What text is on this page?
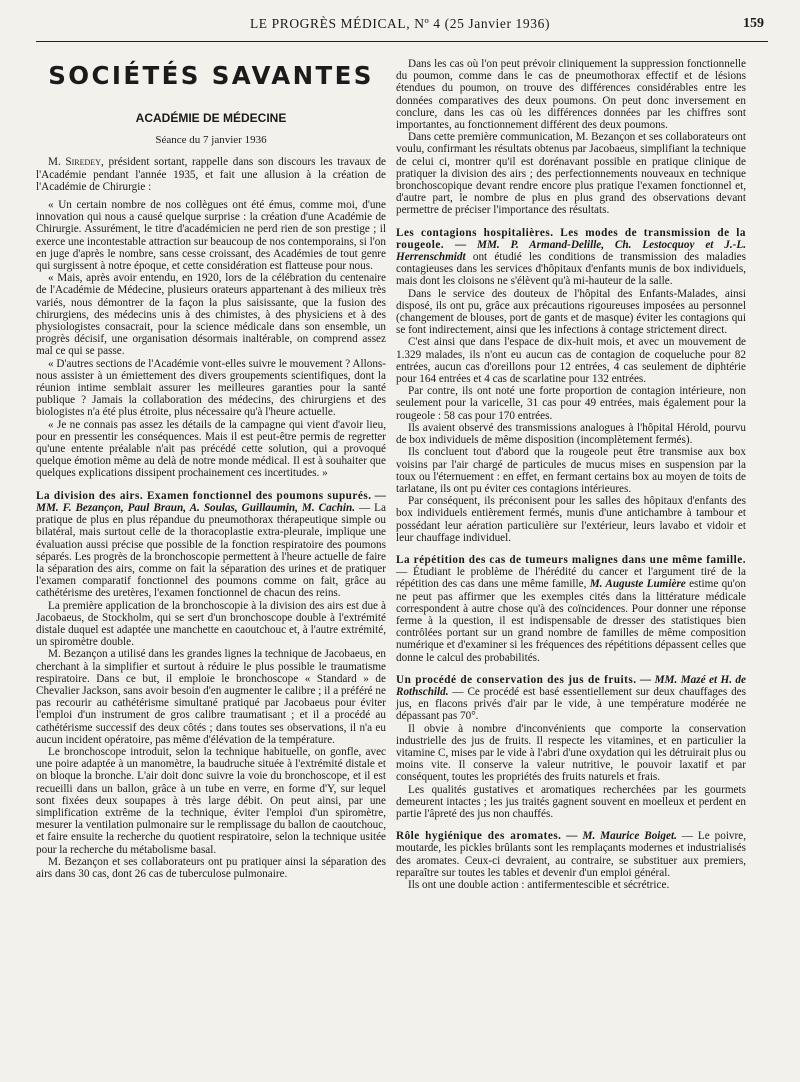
LE PROGRÈS MÉDICAL, Nº 4 (25 Janvier 1936)	159
SOCIÉTÉS SAVANTES
ACADÉMIE DE MÉDECINE
Séance du 7 janvier 1936

M. Siredey, président sortant, rappelle dans son discours les travaux de l'Académie pendant l'année 1935, et fait une allusion à la création de l'Académie de Chirurgie :

« Un certain nombre de nos collègues ont été émus, comme moi, d'une innovation qui nous a causé quelque surprise : la création d'une Académie de Chirurgie. Assurément, le titre d'académicien ne perd rien de son prestige ; il exerce une incontestable attraction sur beaucoup de nos contemporains, si l'on en juge d'après le nombre, sans cesse croissant, des Académies de tout genre qui surgissent à notre époque, et cette considération est flatteuse pour nous.

« Mais, après avoir entendu, en 1920, lors de la célébration du centenaire de l'Académie de Médecine, plusieurs orateurs appartenant à des milieux très variés, nous démontrer de la façon la plus saisissante, que la fusion des chirurgiens, des médecins unis à des chimistes, à des physiciens et à des physiologistes consacrait, pour la science médicale dans son ensemble, un progrès décisif, une organisation désormais inaltérable, on comprend assez mal ce qui se passe.

« D'autres sections de l'Académie vont-elles suivre le mouvement ? Allons-nous assister à un émiettement des divers groupements scientifiques, dont la réunion intime semblait assurer les meilleures garanties pour la santé publique ? Jamais la collaboration des médecins, des chirurgiens et des biologistes n'a été plus étroite, plus nécessaire qu'à l'heure actuelle.

« Je ne connais pas assez les détails de la campagne qui vient d'avoir lieu, pour en pressentir les conséquences. Mais il est peut-être permis de regretter qu'une entente préalable n'ait pas précédé cette solution, qui a provoqué quelque émotion même au delà de notre monde médical. Il est à souhaiter que quelques explications dissipent prochainement ces incertitudes. »

La division des airs. Examen fonctionnel des poumons supurés. — MM. F. Bezançon, Paul Braun, A. Soulas, Guillaumin, M. Cachin. — La pratique de plus en plus répandue du pneumothorax thérapeutique simple ou bilatéral, mais surtout celle de la thoracoplastie extra-pleurale, implique une évaluation aussi précise que possible de la fonction respiratoire des poumons séparés. Les progrès de la bronchoscopie permettent à l'heure actuelle de faire la séparation des airs, comme on fait la séparation des urines et de pratiquer l'examen comparatif fonctionnel des poumons comme on fait, grâce au cathétérisme des uretères, l'examen fonctionnel de chacun des reins.

La première application de la bronchoscopie à la division des airs est due à Jacobaeus, de Stockholm, qui se sert d'un bronchoscope double à l'extrémité distale duquel est adaptée une manchette en caoutchouc et, à l'autre extrémité, un spiromètre double.

M. Bezançon a utilisé dans les grandes lignes la technique de Jacobaeus, en cherchant à la simplifier et surtout à réduire le plus possible le traumatisme respiratoire. Dans ce but, il emploie le bronchoscope « Standard » de Chevalier Jackson, sans avoir besoin d'en augmenter le calibre ; il a préféré ne pas recourir au cathétérisme simultané pratiqué par Jacobaeus pour éviter l'emploi d'un instrument de gros calibre traumatisant ; et il a procédé au cathétérisme successif des deux côtés ; dans toutes ses observations, il n'a eu aucun incident opératoire, pas même d'élévation de la température.

Le bronchoscope introduit, selon la technique habituelle, on gonfle, avec une poire adaptée à un manomètre, la baudruche située à l'extrémité distale et on bloque la bronche. L'air doit donc suivre la voie du bronchoscope, et il est recueilli dans un ballon, grâce à un tube en verre, en forme d'Y, sur lequel sont fixées deux soupapes à très large débit. On peut ainsi, par une simplification extrême de la technique, éviter l'emploi d'un spiromètre, mesurer la ventilation pulmonaire sur le remplissage du ballon de caoutchouc, et faire ensuite la recherche du quotient respiratoire, selon la technique usitée pour la recherche du métabolisme basal.

M. Bezançon et ses collaborateurs ont pu pratiquer ainsi la séparation des airs dans 30 cas, dont 26 cas de tuberculose pulmonaire.

Dans les cas où l'on peut prévoir cliniquement la suppression fonctionnelle du poumon, comme dans le cas de pneumothorax effectif et de lésions étendues du poumon, on trouve des différences considérables entre les données comparatives des deux poumons. On peut donc inversement en conclure, dans les cas où les différences données par les chiffres sont importantes, au fonctionnement différent des deux poumons.

Dans cette première communication, M. Bezançon et ses collaborateurs ont voulu, confirmant les résultats obtenus par Jacobaeus, simplifiant la technique de celui ci, montrer qu'il est dorénavant possible en pratique clinique de pratiquer la division des airs ; des perfectionnements nouveaux en technique bronchoscopique devant rendre encore plus pratique l'examen fonctionnel et, d'autre part, le nombre de plus en plus grand des observations devant permettre de préciser l'importance des résultats.

Les contagions hospitalières. Les modes de transmission de la rougeole. — MM. P. Armand-Delille, Ch. Lestocquoy et J.-L. Herrenschmidt ont étudié les conditions de transmission des maladies contagieuses dans les services d'hôpitaux d'enfants munis de box individuels, mais dont les cloisons ne s'élèvent qu'à mi-hauteur de la salle.

Dans le service des douteux de l'hôpital des Enfants-Malades, ainsi disposé, ils ont pu, grâce aux précautions rigoureuses imposées au personnel (changement de blouses, port de gants et de masque) éviter les contagions qui se font indirectement, ainsi que les infections à contage strictement direct.

C'est ainsi que dans l'espace de dix-huit mois, et avec un mouvement de 1.329 malades, ils n'ont eu aucun cas de contagion de coqueluche pour 82 entrées, aucun cas d'oreillons pour 12 entrées, 4 cas seulement de diphtérie pour 164 entrées et 4 cas de scarlatine pour 132 entrées.

Par contre, ils ont noté une forte proportion de contagion intérieure, non seulement pour la varicelle, 31 cas pour 49 entrées, mais également pour la rougeole : 58 cas pour 170 entrées.

Ils avaient observé des transmissions analogues à l'hôpital Hérold, pourvu de box individuels de même disposition (incomplètement fermés).

Ils concluent tout d'abord que la rougeole peut être transmise aux box voisins par l'air chargé de particules de mucus mises en suspension par la toux ou l'éternuement : en effet, en fermant certains box au moyen de toits de tarlatane, ils ont pu éviter ces contagions intérieures.

Par conséquent, ils préconisent pour les salles des hôpitaux d'enfants des box individuels entièrement fermés, munis d'une antichambre à tambour et possédant leur aération particulière sur l'extérieur, leurs lavabo et vidoir et leur chauffage individuel.

La répétition des cas de tumeurs malignes dans une même famille. — Étudiant le problème de l'hérédité du cancer et l'argument tiré de la répétition des cas dans une même famille, M. Auguste Lumière estime qu'on ne peut pas affirmer que les exemples cités dans la littérature médicale correspondent à autre chose qu'à des coïncidences. Pour donner une réponse ferme à la question, il est indispensable de dresser des statistiques bien contrôlées portant sur un grand nombre de familles de même composition numérique et d'examiner si les fréquences des répétitions dépassent celles que donne le calcul des probabilités.

Un procédé de conservation des jus de fruits. — MM. Mazé et H. de Rothschild. — Ce procédé est basé essentiellement sur deux chauffages des jus, en flacons privés d'air par le vide, à une température modérée ne dépassant pas 70°.

Il obvie à nombre d'inconvénients que comporte la conservation industrielle des jus de fruits. Il respecte les vitamines, et en particulier la vitamine C, mises par le vide à l'abri d'une oxydation qui les détruirait plus ou moins vite. Il conserve la valeur nutritive, le pouvoir laxatif et par conséquent, toutes les propriétés des fruits naturels et frais.

Les qualités gustatives et aromatiques recherchées par les gourmets demeurent intactes ; les jus traités gagnent souvent en moelleux et perdent en partie l'âpreté des jus non chauffés.

Rôle hygiénique des aromates. — M. Maurice Boiget. — Le poivre, moutarde, les pickles brûlants sont les remplaçants modernes et industrialisés des aromates. Ceux-ci devraient, au contraire, se substituer aux premiers, reparaître sur toutes les tables et devenir d'un emploi général.

Ils ont une double action : antifermentescible et sécrétrice.
